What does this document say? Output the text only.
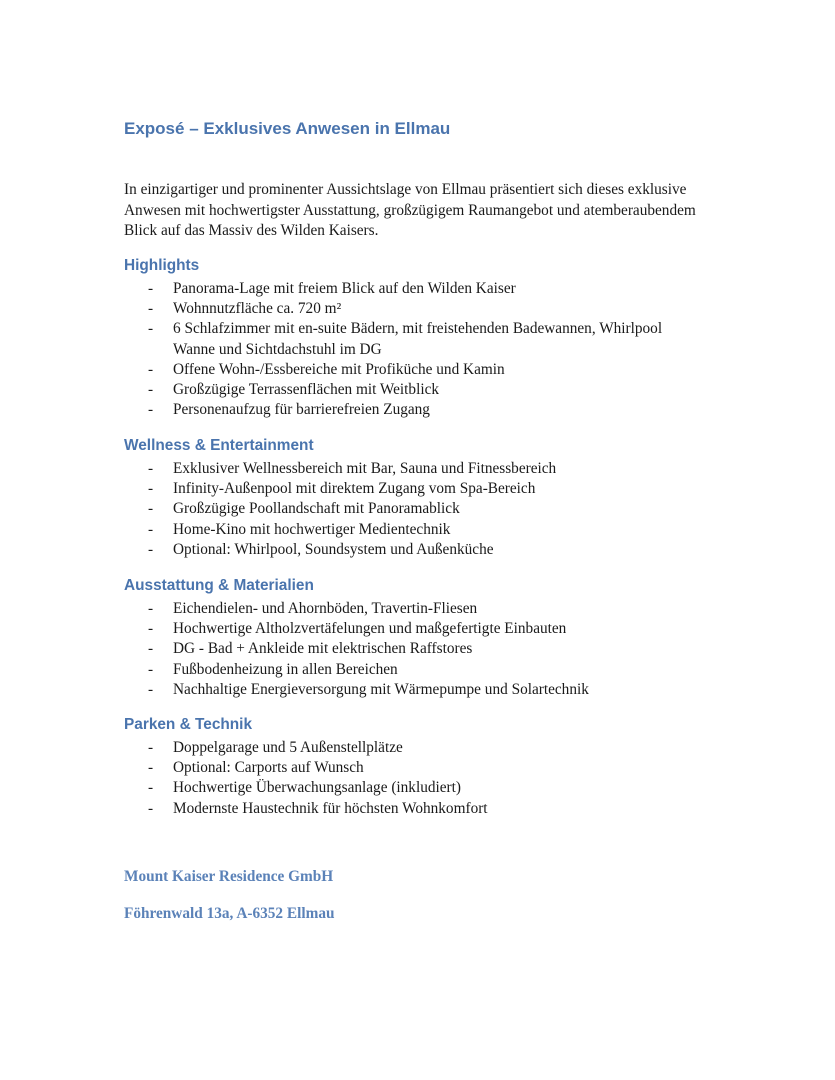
Exposé – Exklusives Anwesen in Ellmau

In einzigartiger und prominenter Aussichtslage von Ellmau präsentiert sich dieses exklusive Anwesen mit hochwertigster Ausstattung, großzügigem Raumangebot und atemberaubendem Blick auf das Massiv des Wilden Kaisers.

Highlights
- Panorama-Lage mit freiem Blick auf den Wilden Kaiser
- Wohnnutzfläche ca. 720 m²
- 6 Schlafzimmer mit en-suite Bädern, mit freistehenden Badewannen, Whirlpool Wanne und Sichtdachstuhl im DG
- Offene Wohn-/Essbereiche mit Profiküche und Kamin
- Großzügige Terrassenflächen mit Weitblick
- Personenaufzug für barrierefreien Zugang
Wellness & Entertainment
- Exklusiver Wellnessbereich mit Bar, Sauna und Fitnessbereich
- Infinity-Außenpool mit direktem Zugang vom Spa-Bereich
- Großzügige Poollandschaft mit Panoramablick
- Home-Kino mit hochwertiger Medientechnik
- Optional: Whirlpool, Soundsystem und Außenküche
Ausstattung & Materialien
- Eichendielen- und Ahornböden, Travertin-Fliesen
- Hochwertige Altholzvertäfelungen und maßgefertigte Einbauten
- DG - Bad + Ankleide mit elektrischen Raffstores
- Fußbodenheizung in allen Bereichen
- Nachhaltige Energieversorgung mit Wärmepumpe und Solartechnik
Parken & Technik
- Doppelgarage und 5 Außenstellplätze
- Optional: Carports auf Wunsch
- Hochwertige Überwachungsanlage (inkludiert)
- Modernste Haustechnik für höchsten Wohnkomfort

Mount Kaiser Residence GmbH

Föhrenwald 13a, A-6352 Ellmau
